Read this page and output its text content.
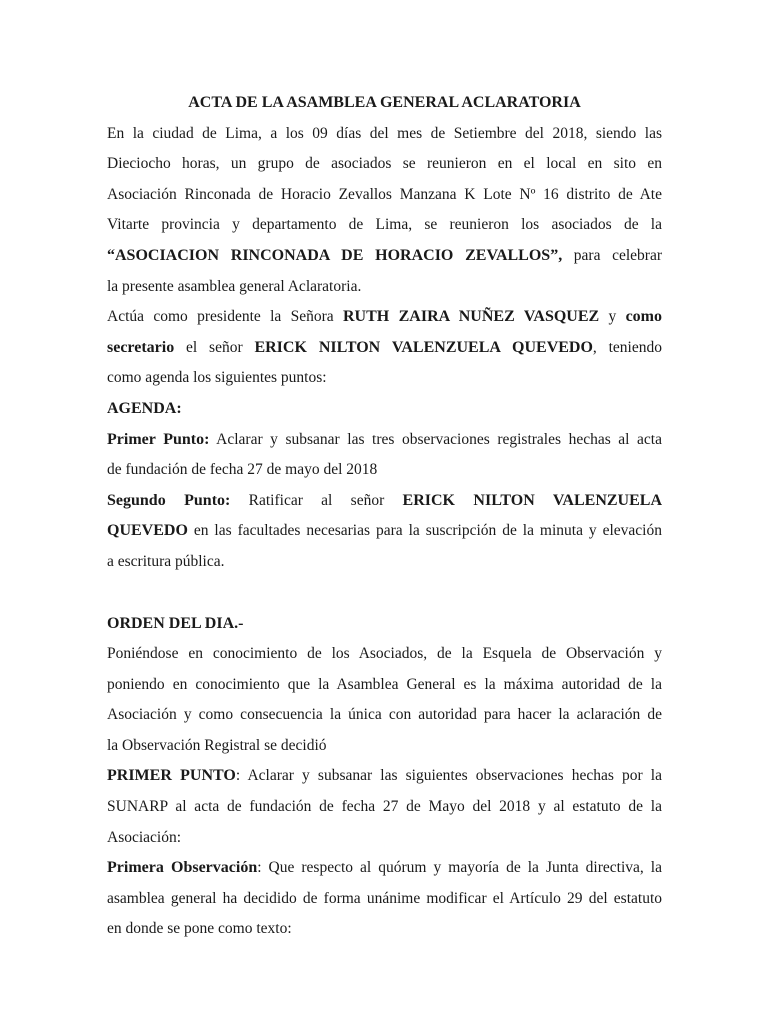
ACTA DE LA ASAMBLEA GENERAL ACLARATORIA
En la ciudad de Lima, a los 09 días del mes de Setiembre del 2018, siendo las
Dieciocho horas, un grupo de asociados se reunieron en el local en sito en
Asociación Rinconada de Horacio Zevallos Manzana K Lote Nº 16 distrito de Ate
Vitarte provincia y departamento de Lima, se reunieron los asociados de la
“ASOCIACION RINCONADA DE HORACIO ZEVALLOS”, para celebrar
la presente asamblea general Aclaratoria.
Actúa como presidente la Señora RUTH ZAIRA NUÑEZ VASQUEZ y como
secretario el señor ERICK NILTON VALENZUELA QUEVEDO, teniendo
como agenda los siguientes puntos:
AGENDA:
Primer Punto: Aclarar y subsanar las tres observaciones registrales hechas al acta
de fundación de fecha 27 de mayo del 2018
Segundo Punto: Ratificar al señor ERICK NILTON VALENZUELA
QUEVEDO en las facultades necesarias para la suscripción de la minuta y elevación
a escritura pública.
ORDEN DEL DIA.-
Poniéndose en conocimiento de los Asociados, de la Esquela de Observación y
poniendo en conocimiento que la Asamblea General es la máxima autoridad de la
Asociación y como consecuencia la única con autoridad para hacer la aclaración de
la Observación Registral se decidió
PRIMER PUNTO: Aclarar y subsanar las siguientes observaciones hechas por la
SUNARP al acta de fundación de fecha 27 de Mayo del 2018 y al estatuto de la
Asociación:
Primera Observación: Que respecto al quórum y mayoría de la Junta directiva, la
asamblea general ha decidido de forma unánime modificar el Artículo 29 del estatuto
en donde se pone como texto:
